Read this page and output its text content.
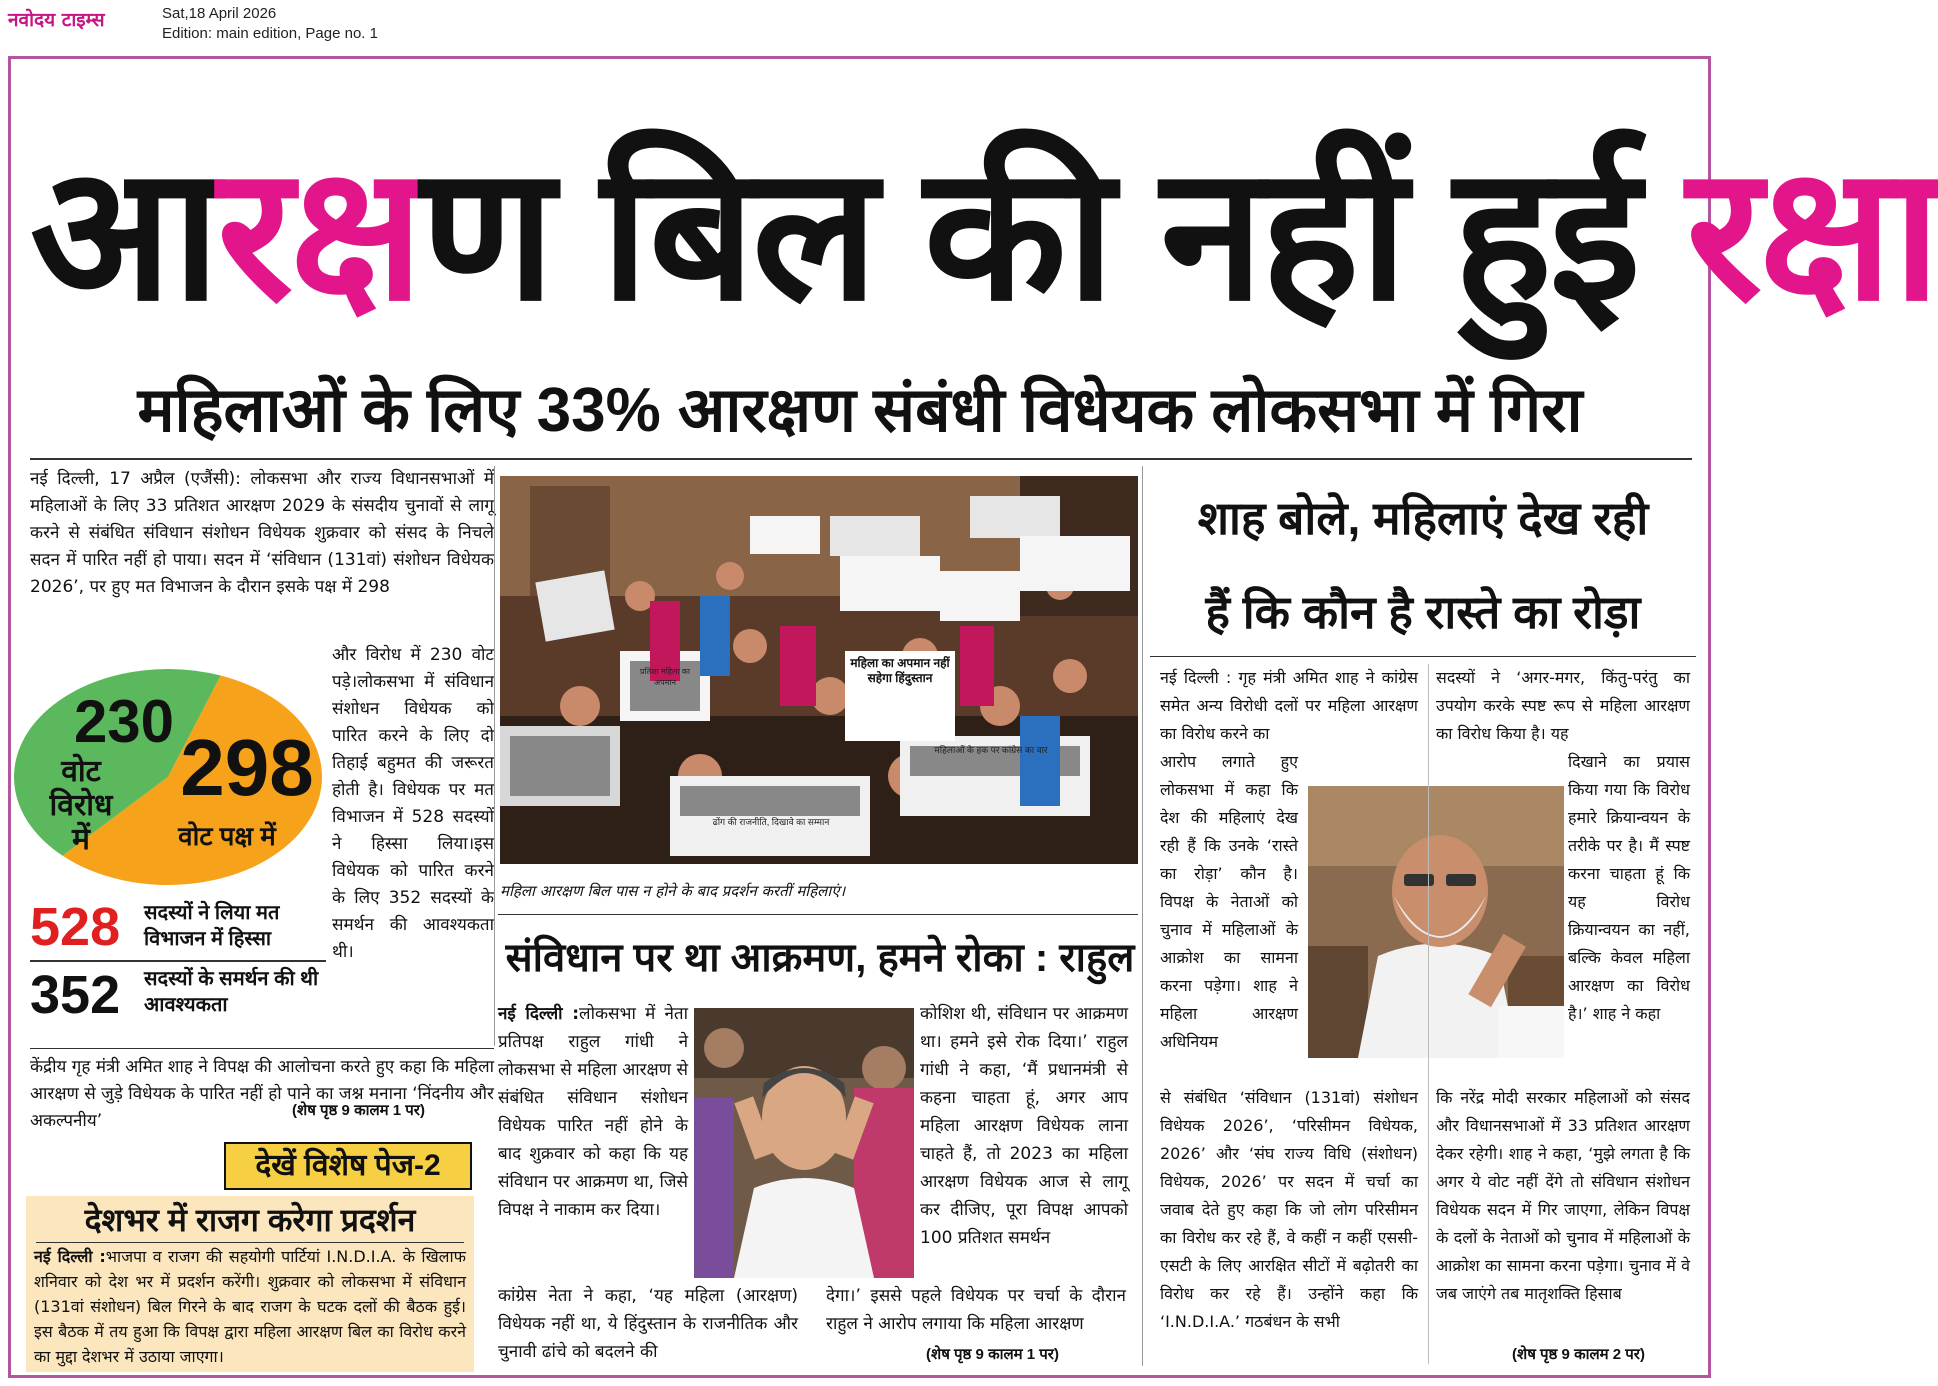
नवोदय टाइम्स	Sat,18 April 2026
Edition: main edition, Page no. 1
आरक्षण बिल की नहीं हुई रक्षा
महिलाओं के लिए 33% आरक्षण संबंधी विधेयक लोकसभा में गिरा
नई दिल्ली, 17 अप्रैल (एजैंसी): लोकसभा और राज्य विधानसभाओं में महिलाओं के लिए 33 प्रतिशत आरक्षण 2029 के संसदीय चुनावों से लागू करने से संबंधित संविधान संशोधन विधेयक शुक्रवार को संसद के निचले सदन में पारित नहीं हो पाया। सदन में ‘संविधान (131वां) संशोधन विधेयक 2026’, पर हुए मत विभाजन के दौरान इसके पक्ष में 298
और विरोध में 230 वोट पड़े।लोकसभा में संविधान संशोधन विधेयक को पारित करने के लिए दो तिहाई बहुमत की जरूरत होती है। विधेयक पर मत विभाजन में 528 सदस्यों ने हिस्सा लिया।इस विधेयक को पारित करने के लिए 352 सदस्यों के समर्थन की आवश्यकता थी।
230
वोट विरोध में
298
वोट पक्ष में
528	सदस्यों ने लिया मत विभाजन में हिस्सा
352	सदस्यों के समर्थन की थी आवश्यकता
केंद्रीय गृह मंत्री अमित शाह ने विपक्ष की आलोचना करते हुए कहा कि महिला आरक्षण से जुड़े विधेयक के पारित नहीं हो पाने का जश्न मनाना ‘निंदनीय और अकल्पनीय’
(शेष पृष्ठ 9 कालम 1 पर)
देखें विशेष पेज-2
देशभर में राजग करेगा प्रदर्शन
नई दिल्ली :भाजपा व राजग की सहयोगी पार्टियां I.N.D.I.A. के खिलाफ शनिवार को देश भर में प्रदर्शन करेंगी। शुक्रवार को लोकसभा में संविधान (131वां संशोधन) बिल गिरने के बाद राजग के घटक दलों की बैठक हुई। इस बैठक में तय हुआ कि विपक्ष द्वारा महिला आरक्षण बिल का विरोध करने का मुद्दा देशभर में उठाया जाएगा।
महिला का अपमान नहीं सहेगा हिंदुस्तान
महिलाओं के हक पर कांग्रेस का वार
प्रतिशा महिला का अपमान
ढोंग की राजनीति, दिखावे का सम्मान
महिला आरक्षण बिल पास न होने के बाद प्रदर्शन करतीं महिलाएं।
संविधान पर था आक्रमण, हमने रोका : राहुल
नई दिल्ली :लोकसभा में नेता प्रतिपक्ष राहुल गांधी ने लोकसभा से महिला आरक्षण से संबंधित संविधान संशोधन विधेयक पारित नहीं होने के बाद शुक्रवार को कहा कि यह संविधान पर आक्रमण था, जिसे विपक्ष ने नाकाम कर दिया।
कांग्रेस नेता ने कहा, ‘यह महिला (आरक्षण) विधेयक नहीं था, ये हिंदुस्तान के राजनीतिक और चुनावी ढांचे को बदलने की
कोशिश थी, संविधान पर आक्रमण था। हमने इसे रोक दिया।’ राहुल गांधी ने कहा, ‘मैं प्रधानमंत्री से कहना चाहता हूं, अगर आप महिला आरक्षण विधेयक लाना चाहते हैं, तो 2023 का महिला आरक्षण विधेयक आज से लागू कर दीजिए, पूरा विपक्ष आपको 100 प्रतिशत समर्थन
देगा।’ इससे पहले विधेयक पर चर्चा के दौरान राहुल ने आरोप लगाया कि महिला आरक्षण
(शेष पृष्ठ 9 कालम 1 पर)
शाह बोले, महिलाएं देख रही
हैं कि कौन है रास्ते का रोड़ा
नई दिल्ली : गृह मंत्री अमित शाह ने कांग्रेस समेत अन्य विरोधी दलों पर महिला आरक्षण का विरोध करने का
आरोप लगाते हुए लोकसभा में कहा कि देश की महिलाएं देख रही हैं कि उनके ‘रास्ते का रोड़ा’ कौन है। विपक्ष के नेताओं को चुनाव में महिलाओं के आक्रोश का सामना करना पड़ेगा। शाह ने महिला आरक्षण अधिनियम
से संबंधित ‘संविधान (131वां) संशोधन विधेयक 2026’, ‘परिसीमन विधेयक, 2026’ और ‘संघ राज्य विधि (संशोधन) विधेयक, 2026’ पर सदन में चर्चा का जवाब देते हुए कहा कि जो लोग परिसीमन का विरोध कर रहे हैं, वे कहीं न कहीं एससी-एसटी के लिए आरक्षित सीटों में बढ़ोतरी का विरोध कर रहे हैं। उन्होंने कहा कि ‘I.N.D.I.A.’ गठबंधन के सभी
सदस्यों ने ‘अगर-मगर, किंतु-परंतु का उपयोग करके स्पष्ट रूप से महिला आरक्षण का विरोध किया है। यह
दिखाने का प्रयास किया गया कि विरोध हमारे क्रियान्वयन के तरीके पर है। मैं स्पष्ट करना चाहता हूं कि यह विरोध क्रियान्वयन का नहीं, बल्कि केवल महिला आरक्षण का विरोध है।’ शाह ने कहा
कि नरेंद्र मोदी सरकार महिलाओं को संसद और विधानसभाओं में 33 प्रतिशत आरक्षण देकर रहेगी। शाह ने कहा, ‘मुझे लगता है कि अगर ये वोट नहीं देंगे तो संविधान संशोधन विधेयक सदन में गिर जाएगा, लेकिन विपक्ष के दलों के नेताओं को चुनाव में महिलाओं के आक्रोश का सामना करना पड़ेगा। चुनाव में वे जब जाएंगे तब मातृशक्ति हिसाब
(शेष पृष्ठ 9 कालम 2 पर)
